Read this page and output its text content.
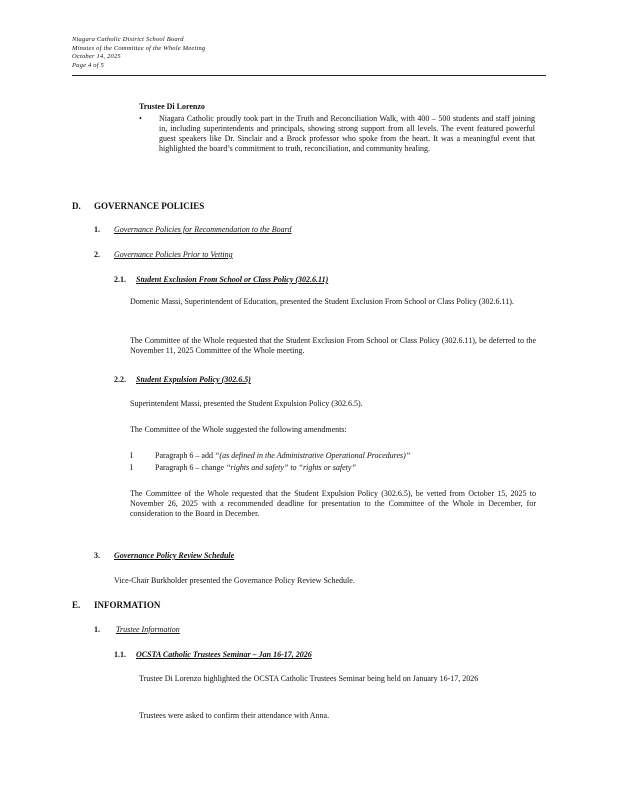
Niagara Catholic District School Board
Minutes of the Committee of the Whole Meeting
October 14, 2025
Page 4 of 5
Trustee Di Lorenzo
• Niagara Catholic proudly took part in the Truth and Reconciliation Walk, with 400 – 500 students and staff joining in, including superintendents and principals, showing strong support from all levels. The event featured powerful guest speakers like Dr. Sinclair and a Brock professor who spoke from the heart. It was a meaningful event that highlighted the board’s commitment to truth, reconciliation, and community healing.
D. GOVERNANCE POLICIES
1. Governance Policies for Recommendation to the Board
2. Governance Policies Prior to Vetting
2.1. Student Exclusion From School or Class Policy (302.6.11)
Domenic Massi, Superintendent of Education, presented the Student Exclusion From School or Class Policy (302.6.11).
The Committee of the Whole requested that the Student Exclusion From School or Class Policy (302.6.11), be deferred to the November 11, 2025 Committee of the Whole meeting.
2.2. Student Expulsion Policy (302.6.5)
Superintendent Massi, presented the Student Expulsion Policy (302.6.5).
The Committee of the Whole suggested the following amendments:
I	Paragraph 6 – add “(as defined in the Administrative Operational Procedures)”
I	Paragraph 6 – change “rights and safety” to “rights or safety”
The Committee of the Whole requested that the Student Expulsion Policy (302.6.5), be vetted from October 15, 2025 to November 26, 2025 with a recommended deadline for presentation to the Committee of the Whole in December, for consideration to the Board in December.
3. Governance Policy Review Schedule
Vice-Chair Burkholder presented the Governance Policy Review Schedule.
E. INFORMATION
1. Trustee Information
1.1. OCSTA Catholic Trustees Seminar – Jan 16-17, 2026
Trustee Di Lorenzo highlighted the OCSTA Catholic Trustees Seminar being held on January 16-17, 2026
Trustees were asked to confirm their attendance with Anna.
